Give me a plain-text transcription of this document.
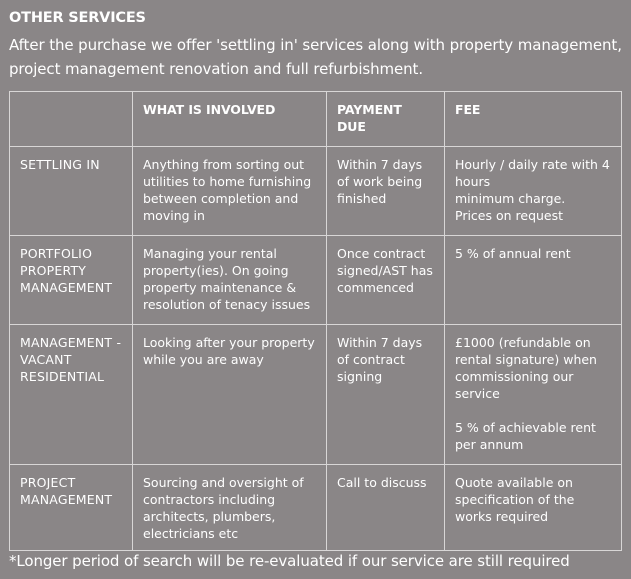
OTHER SERVICES
After the purchase we offer 'settling in' services along with property management, project management renovation and full refurbishment.
	WHAT IS INVOLVED	PAYMENT DUE	FEE
SETTLING IN	Anything from sorting out utilities to home furnishing between completion and moving in	Within 7 days of work being finished	Hourly / daily rate with 4 hours
minimum charge.
Prices on request

PORTFOLIO PROPERTY MANAGEMENT	Managing your rental property(ies). On going property maintenance & resolution of tenacy issues	Once contract signed/AST has commenced	5 % of annual rent

MANAGEMENT - VACANT RESIDENTIAL	Looking after your property while you are away	Within 7 days of contract signing	£1000 (refundable on rental signature) when commissioning our service
5 % of achievable rent per annum

PROJECT MANAGEMENT	Sourcing and oversight of contractors including architects, plumbers, electricians etc	Call to discuss	Quote available on specification of the works required
*Longer period of search will be re-evaluated if our service are still required
